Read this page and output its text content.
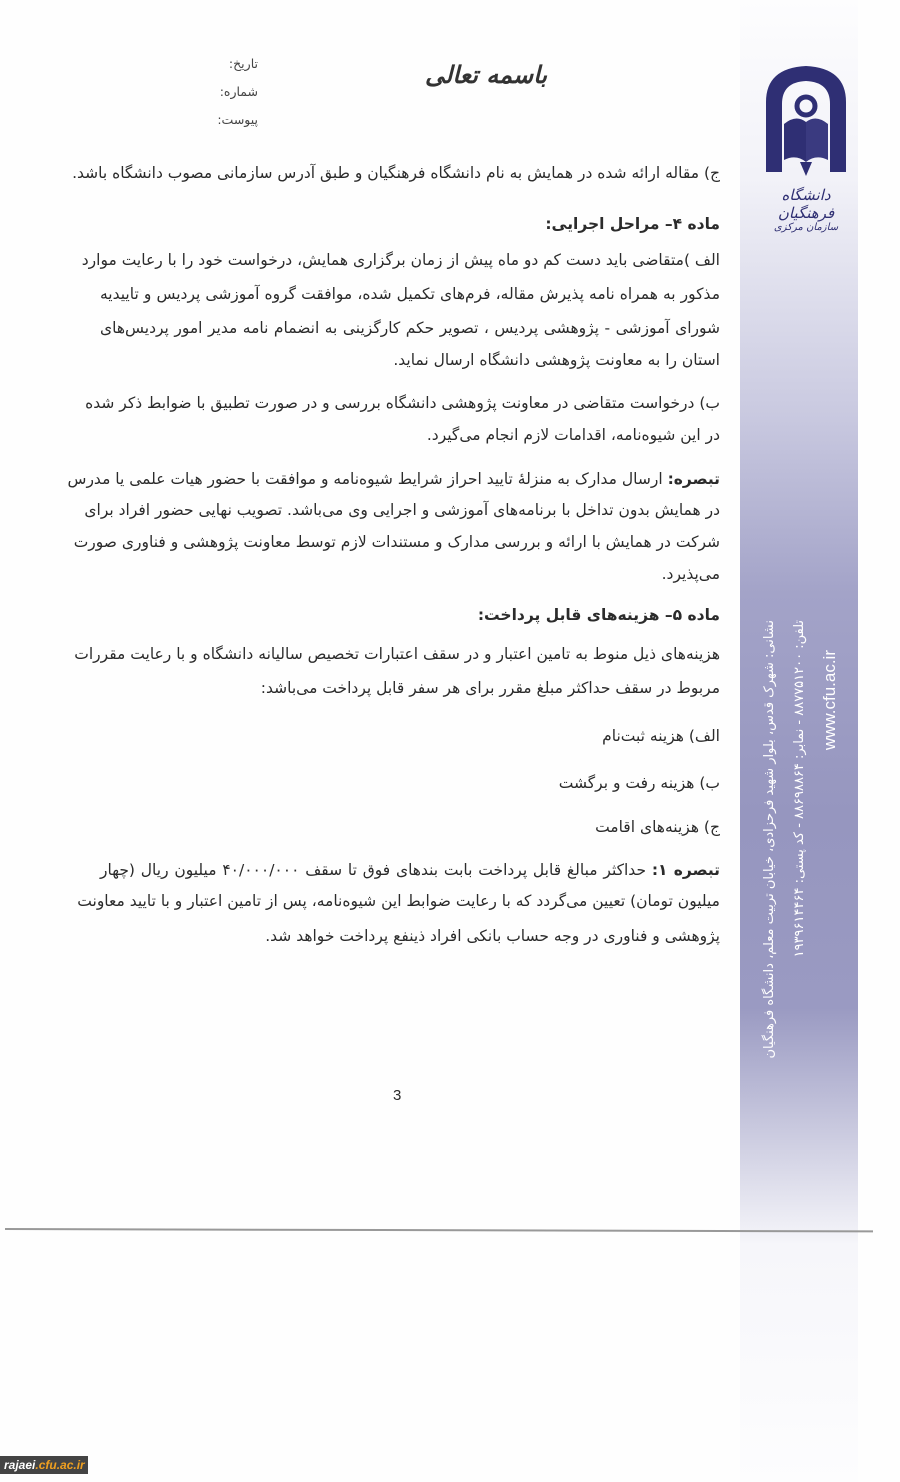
دانشگاه فرهنگیان
سازمان مرکزی
نشانی: شهرک قدس، بلوار شهید فرحزادی، خیابان تربیت معلم، دانشگاه فرهنگیان	تلفن: ۸۸۷۷۵۱۲۰۰ - نمابر: ۸۸۶۹۸۸۶۴ - کد پستی: ۱۹۳۹۶۱۴۴۶۴
www.cfu.ac.ir
باسمه تعالی
تاریخ:
شماره:
پیوست:
ج) مقاله ارائه شده در همایش به نام دانشگاه فرهنگیان و طبق آدرس سازمانی مصوب دانشگاه باشد.
ماده ۴– مراحل اجرایی:
الف )متقاضی باید دست کم دو ماه پیش از زمان برگزاری همایش، درخواست خود را با رعایت موارد
مذکور به همراه نامه پذیرش مقاله، فرم‌های تکمیل شده، موافقت گروه آموزشی پردیس و تاییدیه
شورای آموزشی - پژوهشی پردیس ، تصویر حکم کارگزینی به انضمام نامه مدیر امور پردیس‌های
استان را به معاونت پژوهشی دانشگاه ارسال نماید.
ب) درخواست متقاضی در معاونت پژوهشی دانشگاه بررسی و در صورت تطبیق با ضوابط ذکر شده
در این شیوه‌نامه، اقدامات لازم انجام می‌گیرد.
تبصره: ارسال مدارک به منزلهٔ تایید احراز شرایط شیوه‌نامه و موافقت با حضور هیات علمی یا مدرس
در همایش بدون تداخل با برنامه‌های آموزشی و اجرایی وی می‌باشد. تصویب نهایی حضور افراد برای
شرکت در همایش با ارائه و بررسی مدارک و مستندات لازم توسط معاونت پژوهشی و فناوری صورت
می‌پذیرد.
ماده ۵– هزینه‌های قابل پرداخت:
هزینه‌های ذیل منوط به تامین اعتبار و در سقف اعتبارات تخصیص سالیانه دانشگاه و با رعایت مقررات
مربوط در سقف حداکثر مبلغ مقرر برای هر سفر قابل پرداخت می‌باشد:
الف) هزینه ثبت‌نام
ب) هزینه رفت و برگشت
ج) هزینه‌های اقامت
تبصره ۱: حداکثر مبالغ قابل پرداخت بابت بندهای فوق تا سقف ۴۰/۰۰۰/۰۰۰ میلیون ریال (چهار
میلیون تومان) تعیین می‌گردد که با رعایت ضوابط این شیوه‌نامه، پس از تامین اعتبار و با تایید معاونت
پژوهشی و فناوری در وجه حساب بانکی افراد ذینفع پرداخت خواهد شد.
3
rajaei.cfu.ac.ir
